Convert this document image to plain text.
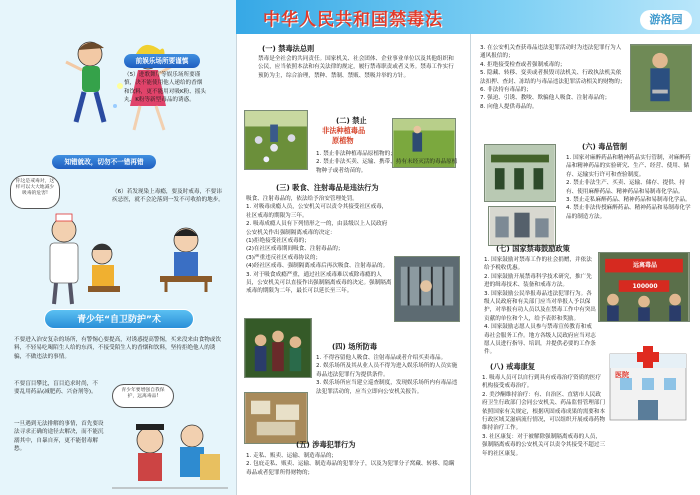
前娱乐场所要谨慎
（5）进歌舞厅等娱乐场所要谨慎，决不能使用他人递给的香烟和饮料，更不能用对吸K粉、摇头丸、K粉等新型毒品的诱惑。
知错就改，切勿不一错再错
你这是戒毒对，这样可以大大地减少吸毒的危害!	（6）若发现染上毒瘾，要及时戒毒，不要讳疾忌医，就不会沦落到一发不可收拾的地步。
青少年“自卫防护”术
不要进入治安复杂的场所，有警惕心要提高，对诱惑提高警惕，买来没来由食物或饮料，不轻易吃喝陌生人给的东西，不接受陌生人的香烟和饮料，坚持拒绝他人的诱骗，不做违法的事情。
不要盲目攀比，盲目追求时尚，不要乱用药品(减肥药、兴奋剂等)。	青少年要增强自我保护，远离毒品!
一旦遇到无法排解的事情，首先要设法寻求正确的途径去解决，而不能沉溺其中，自暴自弃，更不能借毒解愁。
中华人民共和国禁毒法	游洛园
(一) 禁毒法总则
禁毒是全社会的共同责任。国家机关、社会团体、企业事业单位以及其他组织和公民，应当依照本法和有关法律的规定，履行禁毒职责或者义务。禁毒工作实行预防为主，综合治理，禁种、禁制、禁贩、禁吸并举的方针。
(二) 禁止
非法种植毒品
原植物
1. 禁止非法种植毒品原植物的；
2. 禁止非法买卖、运输、携带、持有未经灭活的毒品原植物种子或者幼苗的。
(三) 吸食、注射毒品是违法行为
吸食、注射毒品的，依法给予治安管理处罚。
1. 对吸毒成瘾人员，公安机关可以责令其接受社区戒毒，社区戒毒的期限为三年。
2. 吸毒成瘾人员有下列情形之一的，由县级以上人民政府公安机关作出强制隔离戒毒的决定：
(1)拒绝接受社区戒毒的；
(2)在社区戒毒期间吸食、注射毒品的；
(3)严重违反社区戒毒协议的；
(4)经社区戒毒、强制隔离戒毒后再次吸食、注射毒品的。
3. 对于吸食成瘾严重，通过社区戒毒难以戒除毒瘾的人员，公安机关可以直接作出强制隔离戒毒的决定。强制隔离戒毒的期限为二年，最长可以延长至三年。
(四) 场所防毒
1. 不得容留他人吸食、注射毒品或者介绍买卖毒品。
2. 娱乐场所及其从业人员不得为进入娱乐场所的人员实施毒品违法犯罪行为提供条件。
3. 娱乐场所应当建立巡查制度，发现娱乐场所内有毒品违法犯罪活动的，应当立即向公安机关报告。
(五) 涉毒犯罪行为
1. 走私、贩卖、运输、制造毒品的；
2. 包庇走私、贩卖、运输、制造毒品的犯罪分子，以及为犯罪分子窝藏、转移、隐瞒毒品或者犯罪所得财物的；
3. 在公安机关查获毒品违法犯罪活动时为违法犯罪行为人通风报信的；
4. 拒绝接受检查或者强制戒毒的；
5. 隐藏、转移、变卖或者损毁司法机关、行政执法机关依法扣押、查封、冻结的与毒品违法犯罪活动相关的财物的；
6. 非法持有毒品的；
7. 强迫、引诱、教唆、欺骗他人吸食、注射毒品的；
8. 向他人提供毒品的。
(六) 毒品管制
1. 国家对麻醉药品和精神药品实行管制，对麻醉药品和精神药品的实验研究、生产、经营、使用、储存、运输实行许可和查验制度。
2. 禁止非法生产、买卖、运输、储存、提供、持有、使用麻醉药品、精神药品和易制毒化学品。
3. 禁止走私麻醉药品、精神药品和易制毒化学品。
4. 禁止非法传授麻醉药品、精神药品和易制毒化学品的制造方法。
(七) 国家禁毒鼓励政策
1. 国家鼓励对禁毒工作的社会捐赠，并依法给予税收优惠。
2. 国家鼓励开展禁毒科学技术研究，推广先进的缉毒技术、装备和戒毒方法。
3. 国家鼓励公民举报毒品违法犯罪行为。各级人民政府和有关部门应当对举报人予以保护，对举报有功人员以及在禁毒工作中有突出贡献的单位和个人，给予表彰和奖励。
4. 国家鼓励志愿人员参与禁毒宣传教育和戒毒社会服务工作。地方各级人民政府应当对志愿人员进行指导、培训，并提供必要的工作条件。
远离毒品
100000
(八) 戒毒康复
1. 吸毒人员可以自行到具有戒毒治疗资质的医疗机构接受戒毒治疗。
2. 美沙酮维持治疗：有、自治区、直辖市人民政府卫生行政部门会同公安机关、药品监督管理部门依照国家有关规定，根据巩固戒毒成果的需要和本行政区域艾滋病流行情况，可以组织开展戒毒药物维持治疗工作。
3. 社区康复：对于被解除强制隔离戒毒的人员，强制隔离戒毒的公安机关可以责令其接受不超过三年的社区康复。
医院
